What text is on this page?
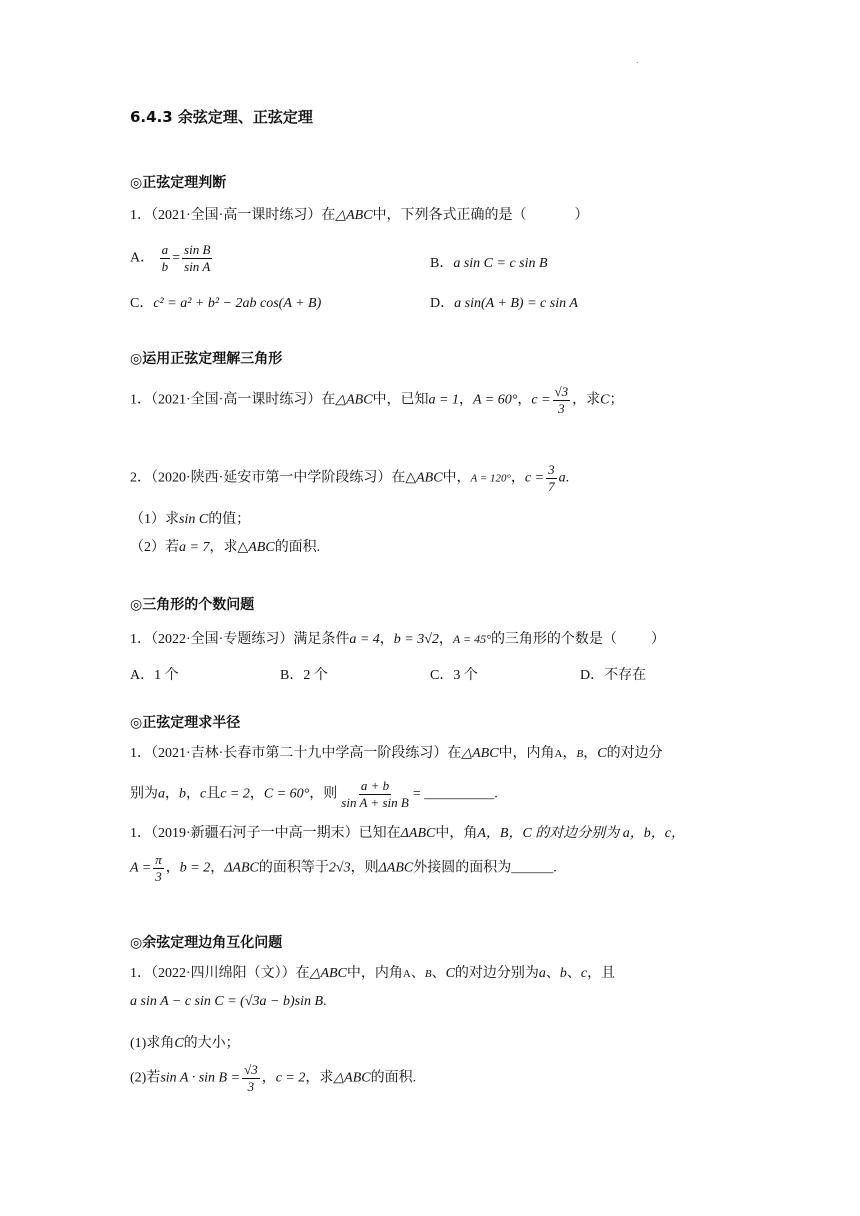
.
6.4.3 余弦定理、正弦定理
◎正弦定理判断
1．（2021·全国·高一课时练习）在△ABC中，下列各式正确的是（	）
A． $\frac{a}{b} = \frac{\text{sin B}}{\text{sin A}}$	B．a sin C = c sin B
C．c² = a² + b² − 2ab cos(A + B)	D．a sin(A + B) = c sin A
◎运用正弦定理解三角形
1．（2021·全国·高一课时练习）在△ABC中，已知a = 1，A = 60°，$c = \frac{√3}{3}$ ，求C；
2．（2020·陕西·延安市第一中学阶段练习）在△ABC中，A = 120°，$c = \frac{3}{7} a$.
（1）求sin C的值；
（2）若a = 7，求△ABC的面积.
◎三角形的个数问题
1．（2022·全国·专题练习）满足条件a = 4，b = 3√2，A = 45°的三角形的个数是（ ）
A．1 个	B．2 个	C．3 个	D．不存在
◎正弦定理求半径
1．（2021·吉林·长春市第二十九中学高一阶段练习）在△ABC中，内角A，B，C的对边分
别为a，b，c且c = 2，C = 60°，则 $\frac{a + b}{\text{sin A + sin B}}$ = __________.
1．（2019·新疆石河子一中高一期末）已知在ΔABC中，角A，B，C 的对边分别为 a，b，c，
$A = \frac{\pi}{3}$ ，b = 2，ΔABC的面积等于2√3，则ΔABC外接圆的面积为______.
◎余弦定理边角互化问题
1．（2022·四川绵阳（文））在△ABC中，内角A、B、C的对边分别为a、b、c，且
a sin A − c sin C = (√3a − b)sin B.
(1)求角C的大小；
(2)若$\sin A \cdot \sin B = \frac{√3}{3}$ ，c = 2，求△ABC的面积.
